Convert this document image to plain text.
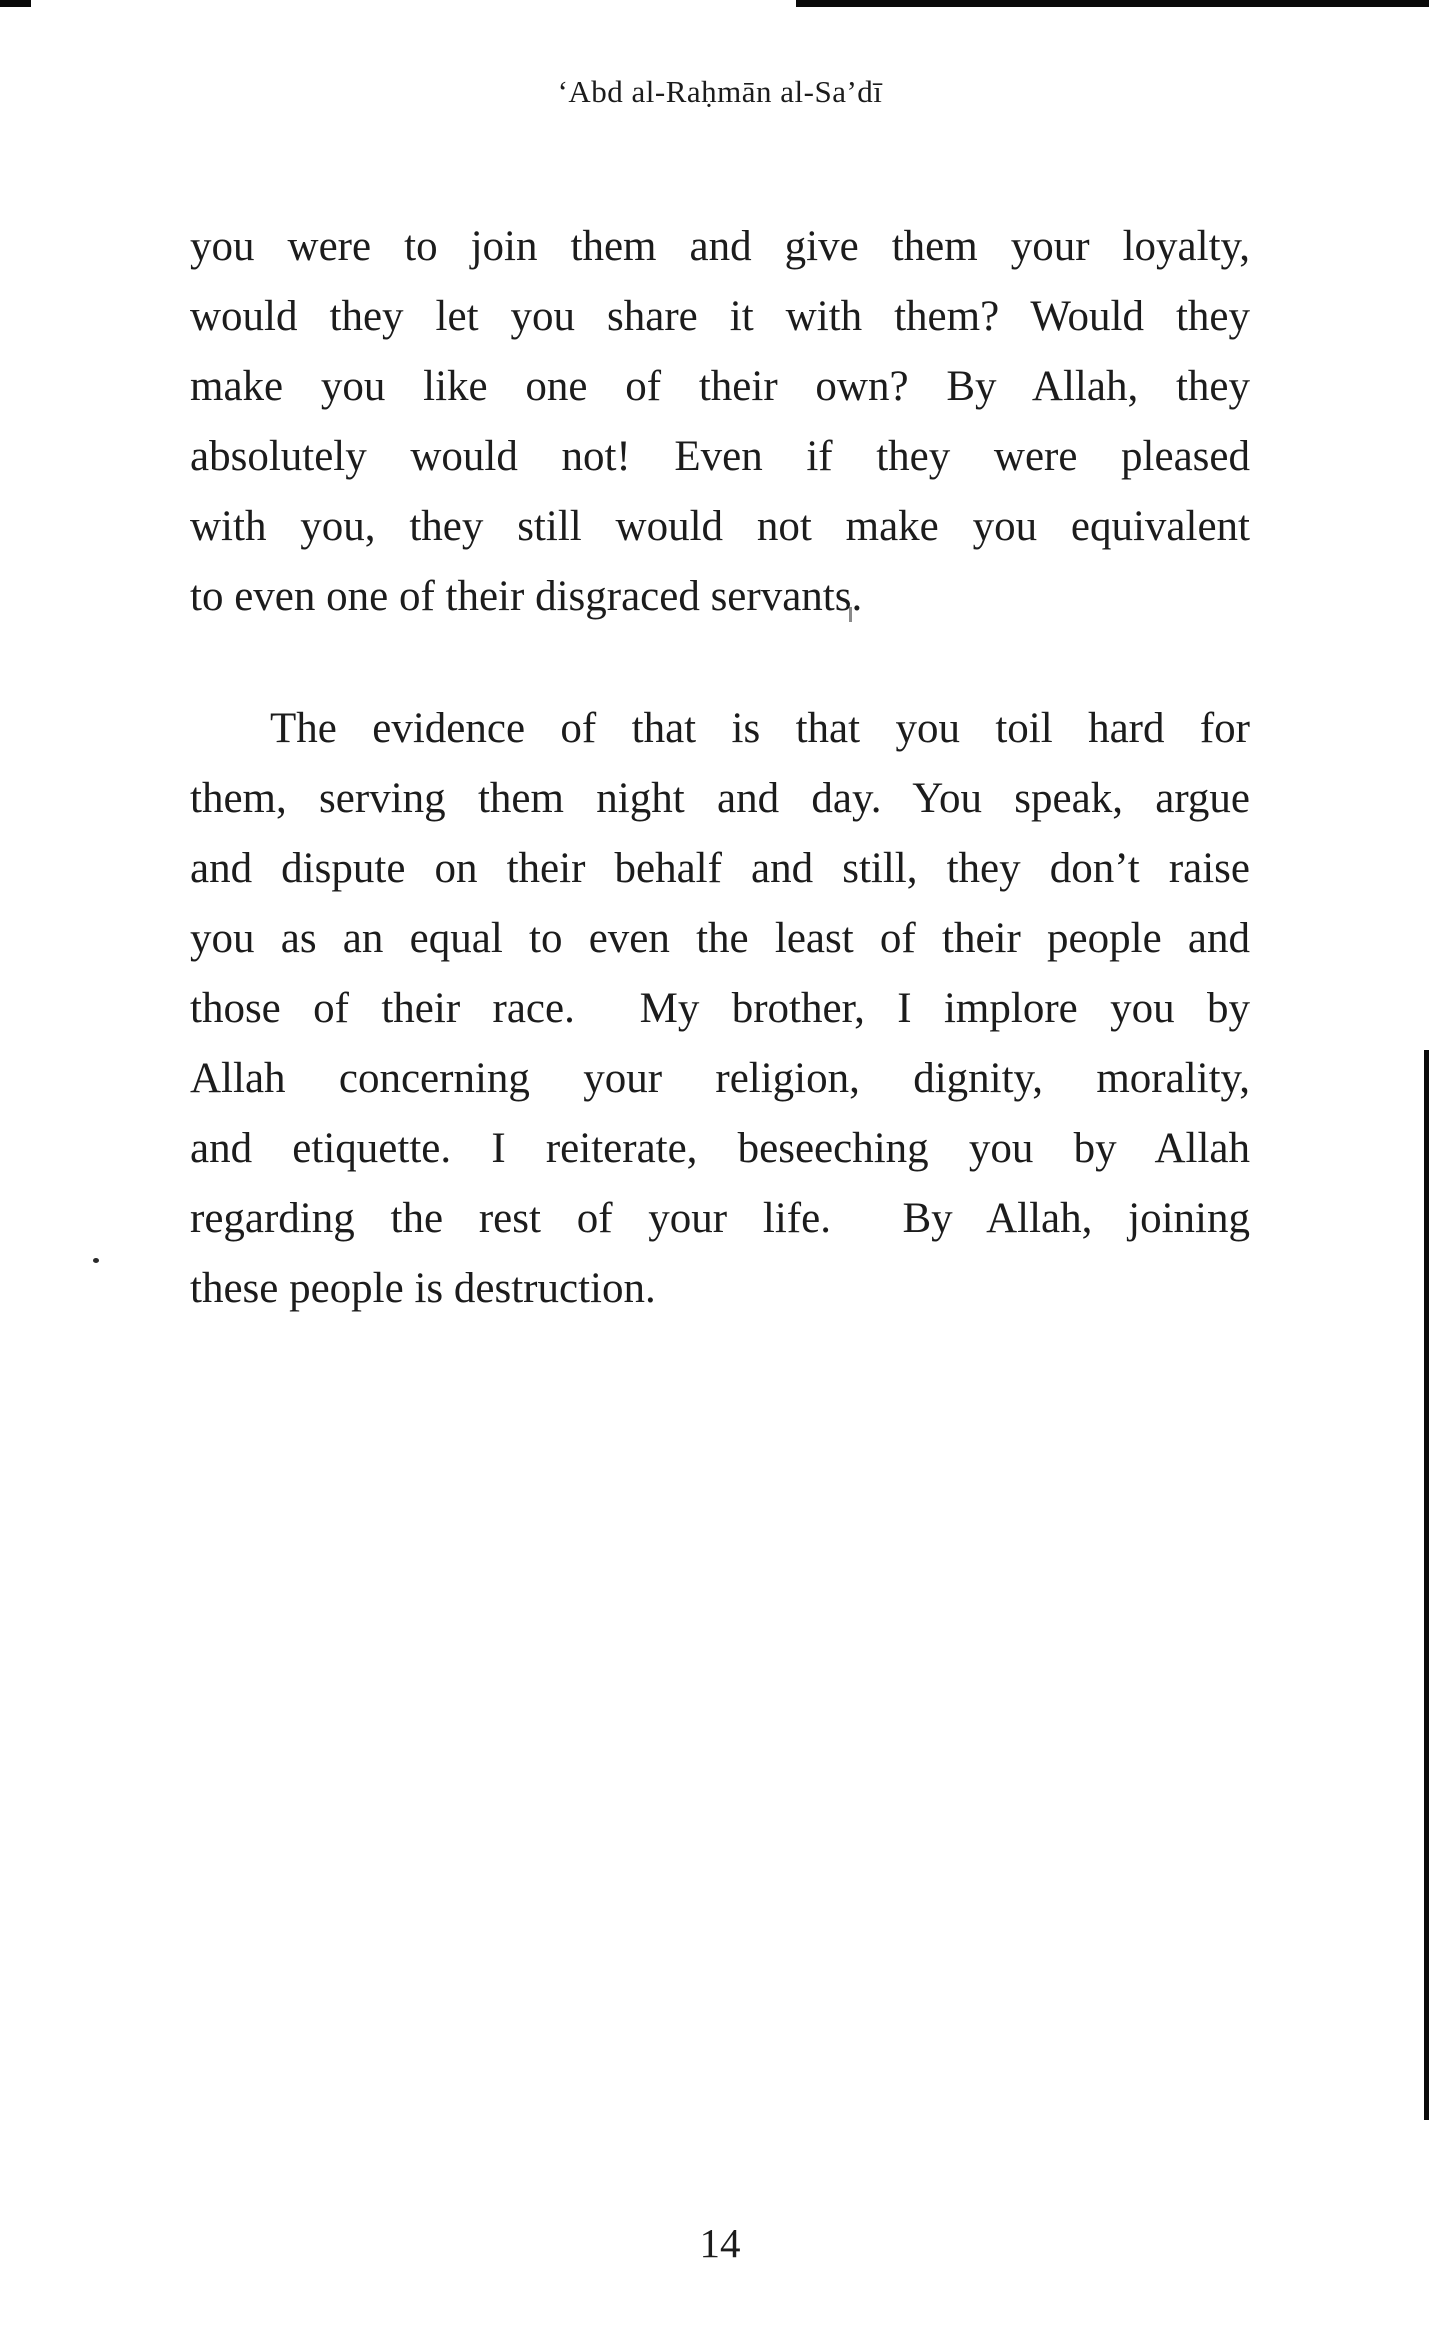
‘Abd al-Raḥmān al-Sa’dī
you were to join them and give them your loyalty,
would they let you share it with them? Would they
make you like one of their own? By Allah, they
absolutely would not! Even if they were pleased
with you, they still would not make you equivalent
to even one of their disgraced servants.
The evidence of that is that you toil hard for
them, serving them night and day. You speak, argue
and dispute on their behalf and still, they don’t raise
you as an equal to even the least of their people and
those of their race.  My brother, I implore you by
Allah concerning your religion, dignity, morality,
and etiquette. I reiterate, beseeching you by Allah
regarding the rest of your life.  By Allah, joining
these people is destruction.
14
